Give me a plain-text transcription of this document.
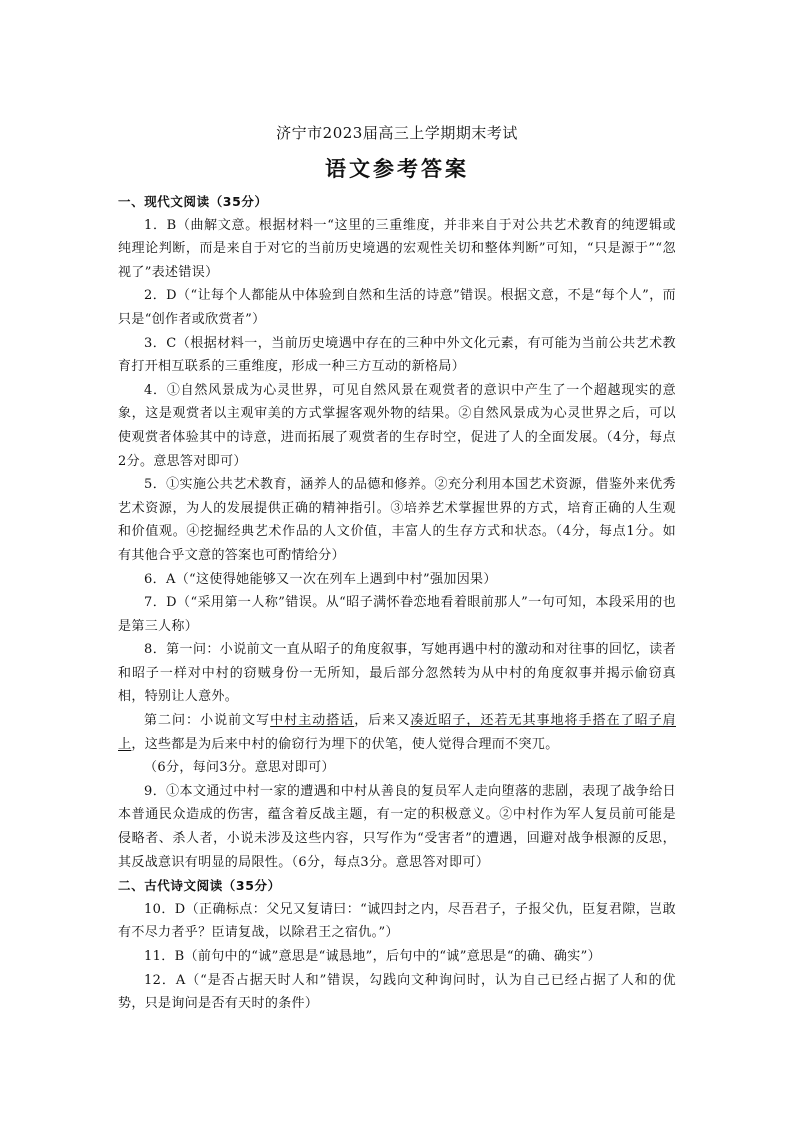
济宁市2023届高三上学期期末考试
语文参考答案

一、现代文阅读（35分）

1．B（曲解文意。根据材料一“这里的三重维度，并非来自于对公共艺术教育的纯逻辑或纯理论判断，而是来自于对它的当前历史境遇的宏观性关切和整体判断”可知，“只是源于”“忽视了”表述错误）

2．D（“让每个人都能从中体验到自然和生活的诗意”错误。根据文意，不是“每个人”，而只是“创作者或欣赏者”）

3．C（根据材料一，当前历史境遇中存在的三种中外文化元素，有可能为当前公共艺术教育打开相互联系的三重维度，形成一种三方互动的新格局）

4．①自然风景成为心灵世界，可见自然风景在观赏者的意识中产生了一个超越现实的意象，这是观赏者以主观审美的方式掌握客观外物的结果。②自然风景成为心灵世界之后，可以使观赏者体验其中的诗意，进而拓展了观赏者的生存时空，促进了人的全面发展。（4分，每点2分。意思答对即可）

5．①实施公共艺术教育，涵养人的品德和修养。②充分利用本国艺术资源，借鉴外来优秀艺术资源，为人的发展提供正确的精神指引。③培养艺术掌握世界的方式，培育正确的人生观和价值观。④挖掘经典艺术作品的人文价值，丰富人的生存方式和状态。（4分，每点1分。如有其他合乎文意的答案也可酌情给分）

6．A（“这使得她能够又一次在列车上遇到中村”强加因果）

7．D（“采用第一人称”错误。从“昭子满怀眷恋地看着眼前那人”一句可知，本段采用的也是第三人称）

8．第一问：小说前文一直从昭子的角度叙事，写她再遇中村的激动和对往事的回忆，读者和昭子一样对中村的窃贼身份一无所知，最后部分忽然转为从中村的角度叙事并揭示偷窃真相，特别让人意外。

第二问：小说前文写中村主动搭话，后来又凑近昭子，还若无其事地将手搭在了昭子肩上，这些都是为后来中村的偷窃行为埋下的伏笔，使人觉得合理而不突兀。

（6分，每问3分。意思对即可）

9．①本文通过中村一家的遭遇和中村从善良的复员军人走向堕落的悲剧，表现了战争给日本普通民众造成的伤害，蕴含着反战主题，有一定的积极意义。②中村作为军人复员前可能是侵略者、杀人者，小说未涉及这些内容，只写作为“受害者”的遭遇，回避对战争根源的反思，其反战意识有明显的局限性。（6分，每点3分。意思答对即可）

二、古代诗文阅读（35分）

10．D（正确标点：父兄又复请曰：“诚四封之内，尽吾君子，子报父仇，臣复君隙，岂敢有不尽力者乎？臣请复战，以除君王之宿仇。”）

11．B（前句中的“诚”意思是“诚恳地”，后句中的“诚”意思是“的确、确实”）

12．A（“是否占据天时人和”错误，勾践向文种询问时，认为自己已经占据了人和的优势，只是询问是否有天时的条件）
